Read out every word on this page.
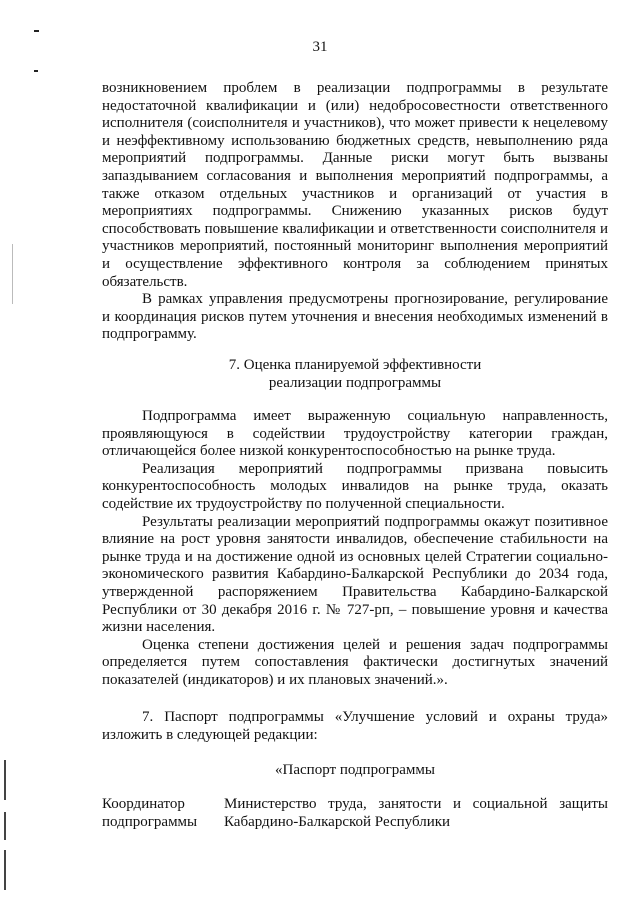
31

возникновением проблем в реализации подпрограммы в результате недостаточной квалификации и (или) недобросовестности ответственного исполнителя (соисполнителя и участников), что может привести к нецелевому и неэффективному использованию бюджетных средств, невыполнению ряда мероприятий подпрограммы. Данные риски могут быть вызваны запаздыванием согласования и выполнения мероприятий подпрограммы, а также отказом отдельных участников и организаций от участия в мероприятиях подпрограммы. Снижению указанных рисков будут способствовать повышение квалификации и ответственности соисполнителя и участников мероприятий, постоянный мониторинг выполнения мероприятий и осуществление эффективного контроля за соблюдением принятых обязательств.

В рамках управления предусмотрены прогнозирование, регулирование и координация рисков путем уточнения и внесения необходимых изменений в подпрограмму.

7. Оценка планируемой эффективности
реализации подпрограммы

Подпрограмма имеет выраженную социальную направленность, проявляющуюся в содействии трудоустройству категории граждан, отличающейся более низкой конкурентоспособностью на рынке труда.

Реализация мероприятий подпрограммы призвана повысить конкурентоспособность молодых инвалидов на рынке труда, оказать содействие их трудоустройству по полученной специальности.

Результаты реализации мероприятий подпрограммы окажут позитивное влияние на рост уровня занятости инвалидов, обеспечение стабильности на рынке труда и на достижение одной из основных целей Стратегии социально-экономического развития Кабардино-Балкарской Республики до 2034 года, утвержденной распоряжением Правительства Кабардино-Балкарской Республики от 30 декабря 2016 г. № 727-рп, – повышение уровня и качества жизни населения.

Оценка степени достижения целей и решения задач подпрограммы определяется путем сопоставления фактически достигнутых значений показателей (индикаторов) и их плановых значений.».

7. Паспорт подпрограммы «Улучшение условий и охраны труда» изложить в следующей редакции:

«Паспорт подпрограммы
Координатор подпрограммы
Министерство труда, занятости и социальной защиты Кабардино-Балкарской Республики
